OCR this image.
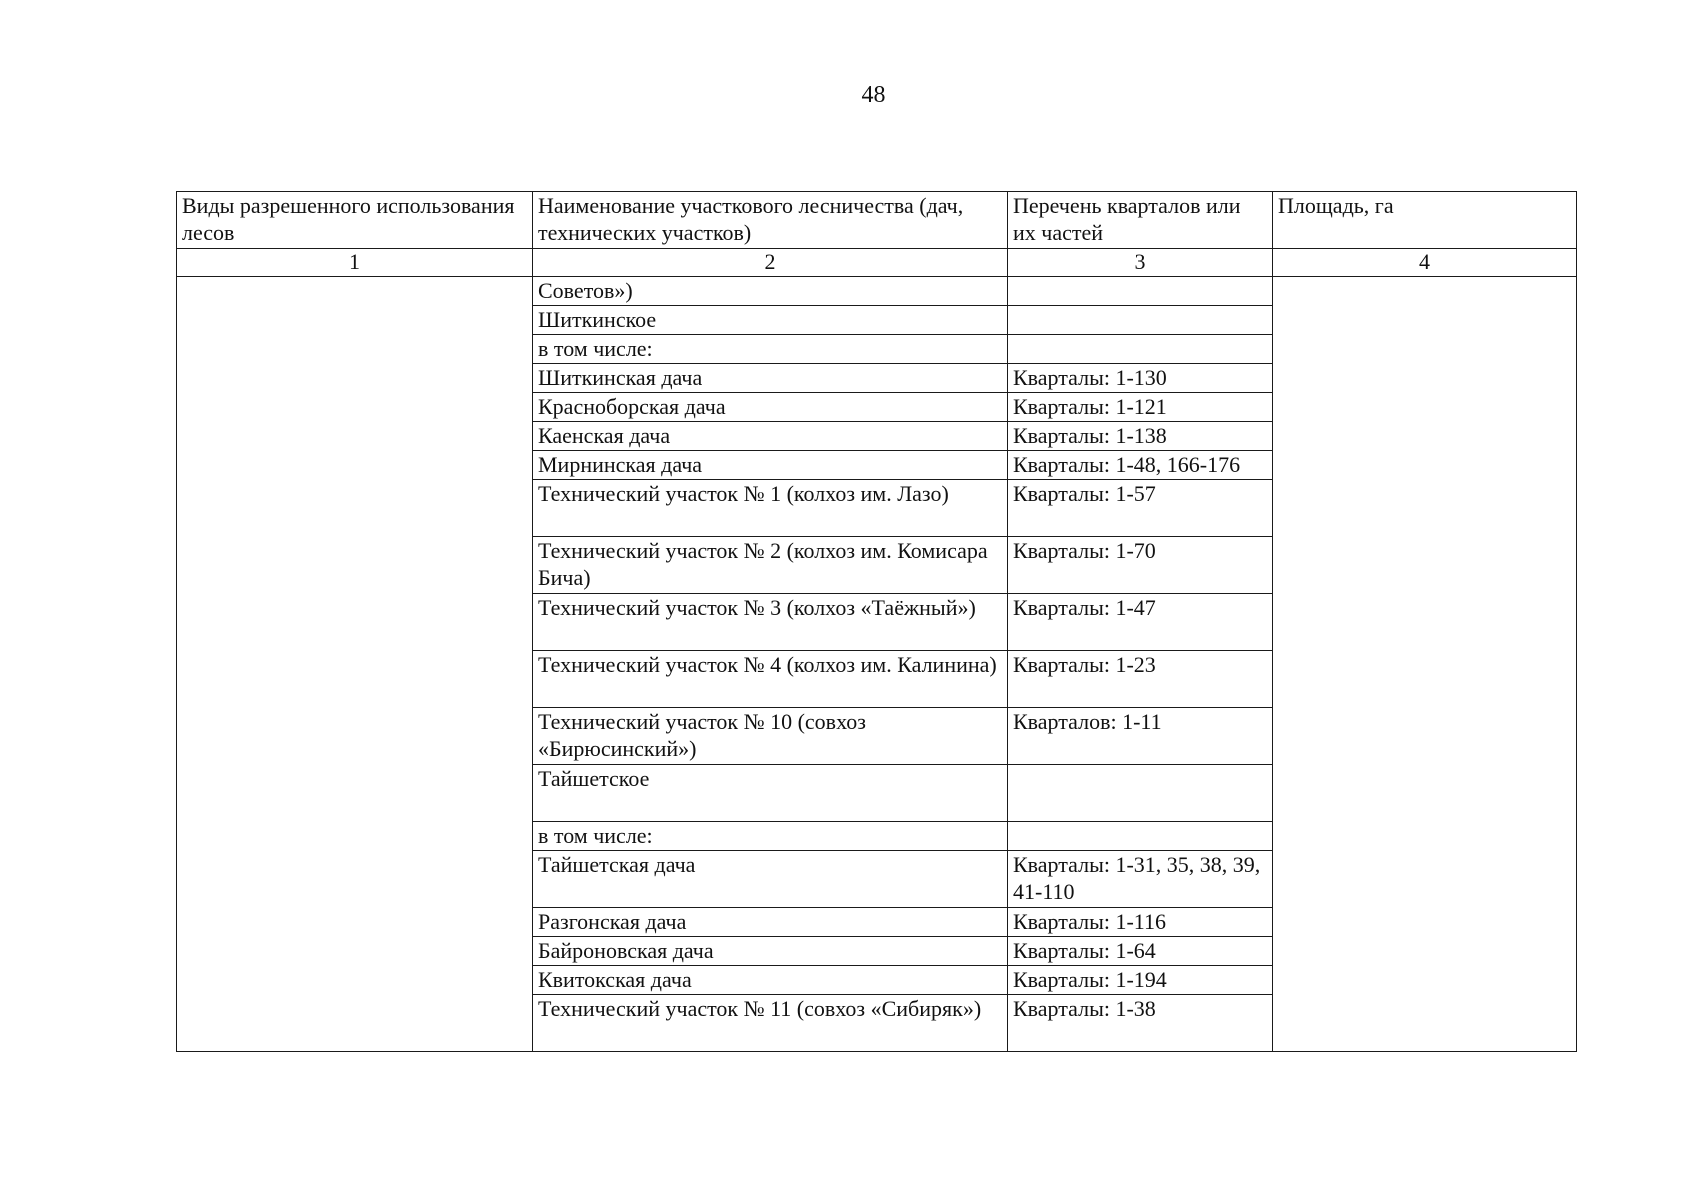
48
Виды разрешенного использования лесов	Наименование участкового лесничества (дач, технических участков)	Перечень кварталов или их частей	Площадь, га
1	2	3	4
	Советов»)		
	Шиткинское		
	в том числе:		
	Шиткинская дача	Кварталы: 1-130	
	Красноборская дача	Кварталы: 1-121	
	Каенская дача	Кварталы: 1-138	
	Мирнинская дача	Кварталы: 1-48, 166-176	
	Технический участок № 1 (колхоз им. Лазо)	Кварталы: 1-57	
	Технический участок № 2 (колхоз им. Комисара Бича)	Кварталы: 1-70	
	Технический участок № 3 (колхоз «Таёжный»)	Кварталы: 1-47	
	Технический участок № 4 (колхоз им. Калинина)	Кварталы: 1-23	
	Технический участок № 10 (совхоз «Бирюсинский»)	Кварталов: 1-11	
	Тайшетское		
	в том числе:		
	Тайшетская дача	Кварталы: 1-31, 35, 38, 39, 41-110	
	Разгонская дача	Кварталы: 1-116	
	Байроновская дача	Кварталы: 1-64	
	Квитокская дача	Кварталы: 1-194	
	Технический участок № 11 (совхоз «Сибиряк»)	Кварталы: 1-38	
